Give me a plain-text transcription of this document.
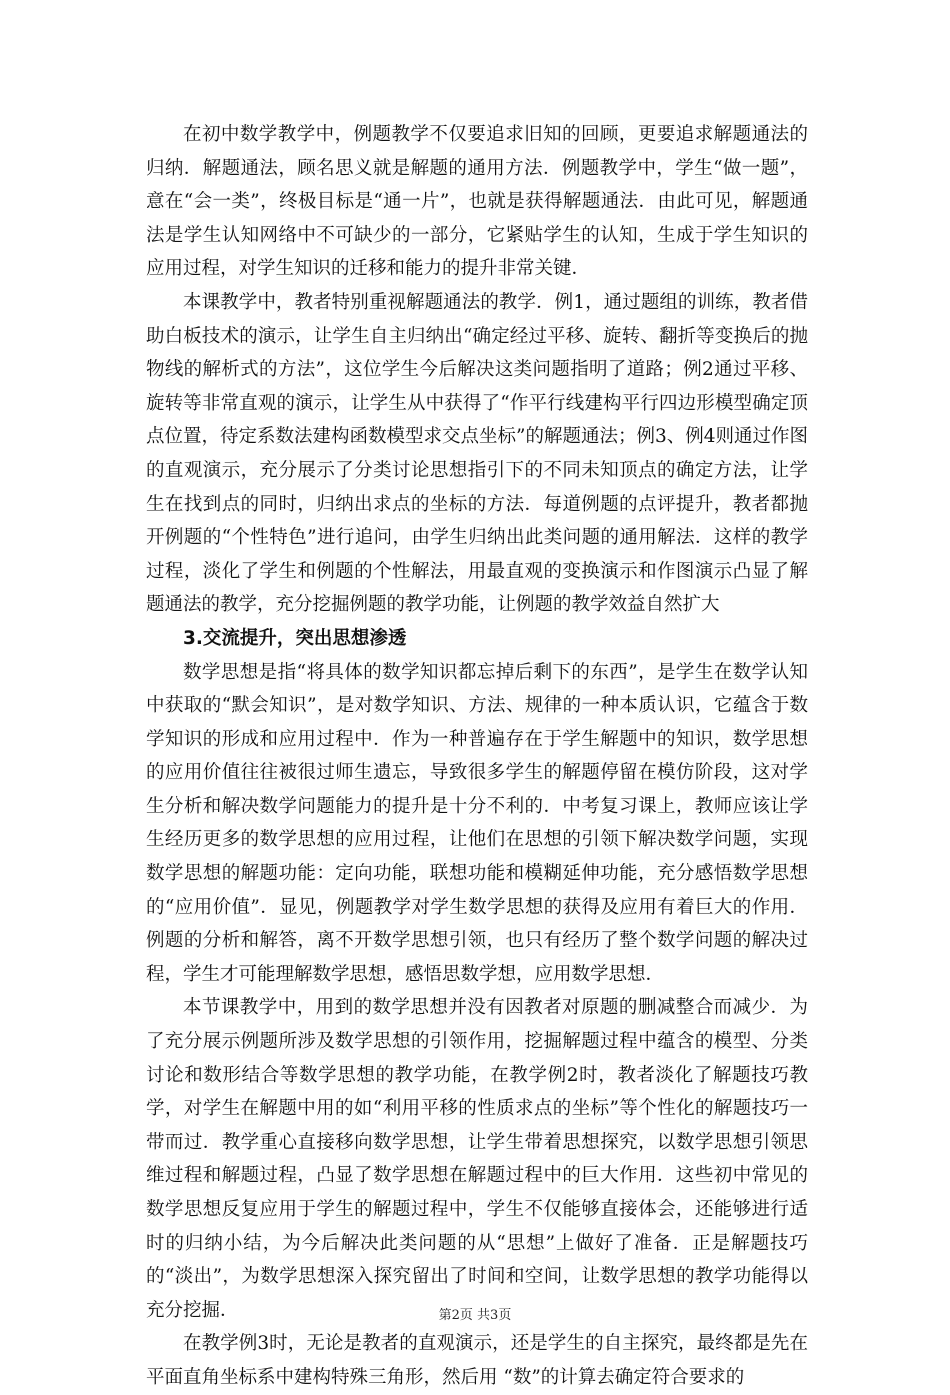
在初中数学教学中，例题教学不仅要追求旧知的回顾，更要追求解题通法的归纳．解题通法，顾名思义就是解题的通用方法．例题教学中，学生“做一题”，意在“会一类”，终极目标是“通一片”，也就是获得解题通法．由此可见，解题通法是学生认知网络中不可缺少的一部分，它紧贴学生的认知，生成于学生知识的应用过程，对学生知识的迁移和能力的提升非常关键．

本课教学中，教者特别重视解题通法的教学．例1，通过题组的训练，教者借助白板技术的演示，让学生自主归纳出“确定经过平移、旋转、翻折等变换后的抛物线的解析式的方法”，这位学生今后解决这类问题指明了道路；例2通过平移、旋转等非常直观的演示，让学生从中获得了“作平行线建构平行四边形模型确定顶点位置，待定系数法建构函数模型求交点坐标”的解题通法；例3、例4则通过作图的直观演示，充分展示了分类讨论思想指引下的不同未知顶点的确定方法，让学生在找到点的同时，归纳出求点的坐标的方法．每道例题的点评提升，教者都抛开例题的“个性特色”进行追问，由学生归纳出此类问题的通用解法．这样的教学过程，淡化了学生和例题的个性解法，用最直观的变换演示和作图演示凸显了解题通法的教学，充分挖掘例题的教学功能，让例题的教学效益自然扩大

3.交流提升，突出思想渗透

数学思想是指“将具体的数学知识都忘掉后剩下的东西”，是学生在数学认知中获取的“默会知识”，是对数学知识、方法、规律的一种本质认识，它蕴含于数学知识的形成和应用过程中．作为一种普遍存在于学生解题中的知识，数学思想的应用价值往往被很过师生遗忘，导致很多学生的解题停留在模仿阶段，这对学生分析和解决数学问题能力的提升是十分不利的．中考复习课上，教师应该让学生经历更多的数学思想的应用过程，让他们在思想的引领下解决数学问题，实现数学思想的解题功能：定向功能，联想功能和模糊延伸功能，充分感悟数学思想的“应用价值”．显见，例题教学对学生数学思想的获得及应用有着巨大的作用．例题的分析和解答，离不开数学思想引领，也只有经历了整个数学问题的解决过程，学生才可能理解数学思想，感悟思数学想，应用数学思想．

本节课教学中，用到的数学思想并没有因教者对原题的删减整合而减少．为了充分展示例题所涉及数学思想的引领作用，挖掘解题过程中蕴含的模型、分类讨论和数形结合等数学思想的教学功能，在教学例2时，教者淡化了解题技巧教学，对学生在解题中用的如“利用平移的性质求点的坐标”等个性化的解题技巧一带而过．教学重心直接移向数学思想，让学生带着思想探究，以数学思想引领思维过程和解题过程，凸显了数学思想在解题过程中的巨大作用．这些初中常见的数学思想反复应用于学生的解题过程中，学生不仅能够直接体会，还能够进行适时的归纳小结，为今后解决此类问题的从“思想”上做好了准备．正是解题技巧的“淡出”，为数学思想深入探究留出了时间和空间，让数学思想的教学功能得以充分挖掘．

在教学例3时，无论是教者的直观演示，还是学生的自主探究，最终都是先在平面直角坐标系中建构特殊三角形，然后用 “数”的计算去确定符合要求的

第2页 共3页
